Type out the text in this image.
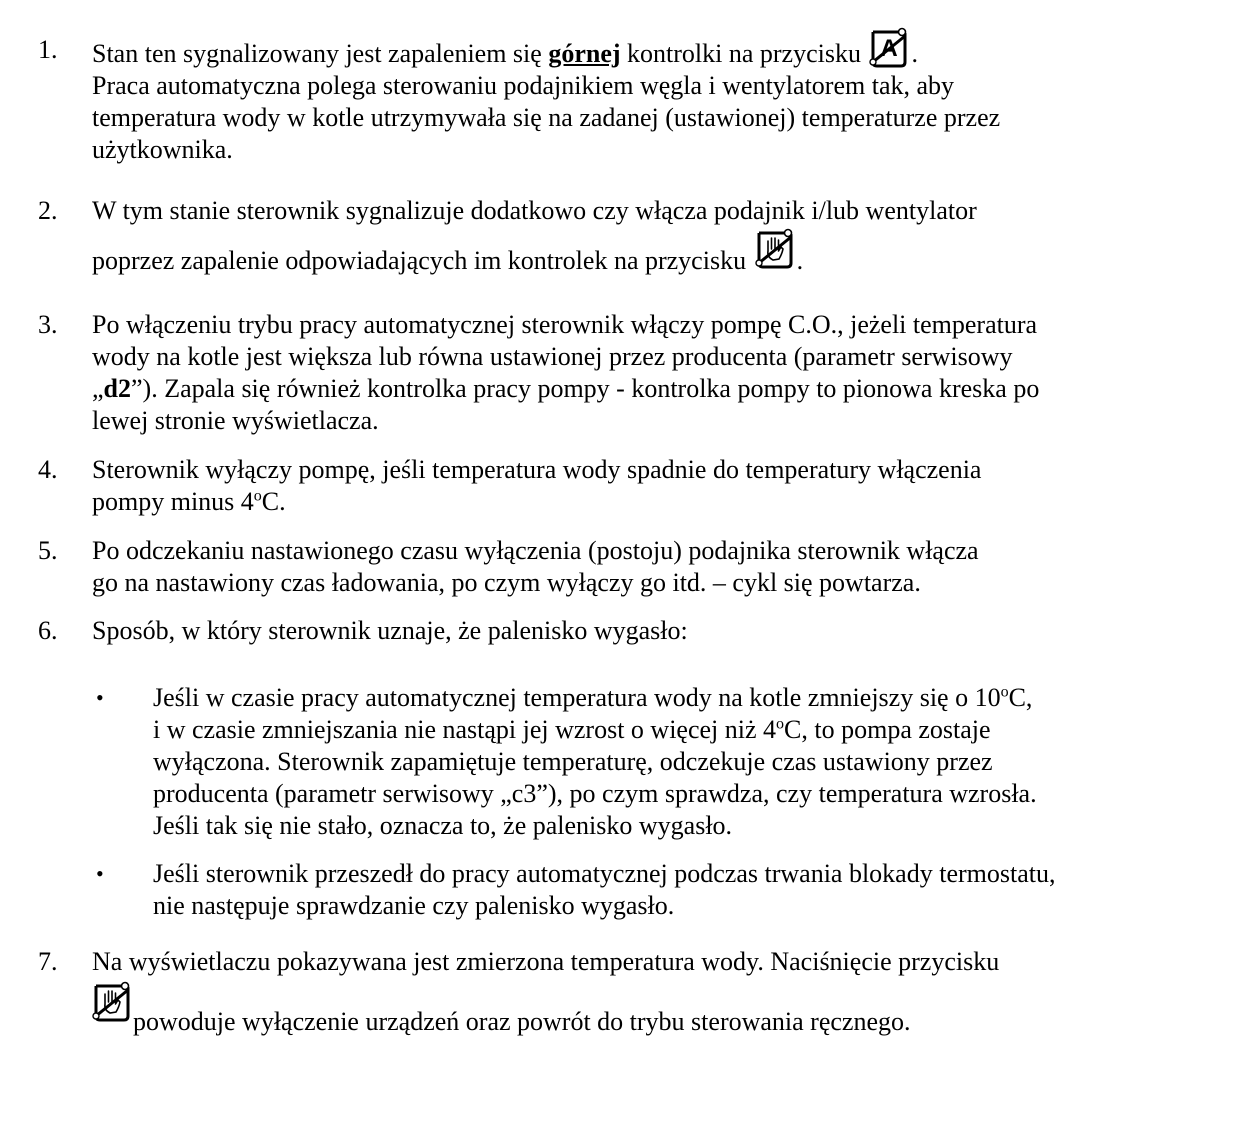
1. Stan ten sygnalizowany jest zapaleniem się górnej kontrolki na przycisku A .
Praca automatyczna polega sterowaniu podajnikiem węgla i wentylatorem tak, aby
temperatura wody w kotle utrzymywała się na zadanej (ustawionej) temperaturze przez
użytkownika.
2. W tym stanie sterownik sygnalizuje dodatkowo czy włącza podajnik i/lub wentylator
poprzez zapalenie odpowiadających im kontrolek na przycisku
.
3. Po włączeniu trybu pracy automatycznej sterownik włączy pompę C.O., jeżeli temperatura
wody na kotle jest większa lub równa ustawionej przez producenta (parametr serwisowy
„d2”). Zapala się również kontrolka pracy pompy - kontrolka pompy to pionowa kreska po
lewej stronie wyświetlacza.
4. Sterownik wyłączy pompę, jeśli temperatura wody spadnie do temperatury włączenia
pompy minus 4$^o$C.
5. Po odczekaniu nastawionego czasu wyłączenia (postoju) podajnika sterownik włącza
go na nastawiony czas ładowania, po czym wyłączy go itd. – cykl się powtarza.
6. Sposób, w który sterownik uznaje, że palenisko wygasło:
• Jeśli w czasie pracy automatycznej temperatura wody na kotle zmniejszy się o 10$^o$C,
i w czasie zmniejszania nie nastąpi jej wzrost o więcej niż 4$^o$C, to pompa zostaje
wyłączona. Sterownik zapamiętuje temperaturę, odczekuje czas ustawiony przez
producenta (parametr serwisowy „c3”), po czym sprawdza, czy temperatura wzrosła.
Jeśli tak się nie stało, oznacza to, że palenisko wygasło.
• Jeśli sterownik przeszedł do pracy automatycznej podczas trwania blokady termostatu,
nie następuje sprawdzanie czy palenisko wygasło.
7. Na wyświetlaczu pokazywana jest zmierzona temperatura wody. Naciśnięcie przycisku
powoduje wyłączenie urządzeń oraz powrót do trybu sterowania ręcznego.
